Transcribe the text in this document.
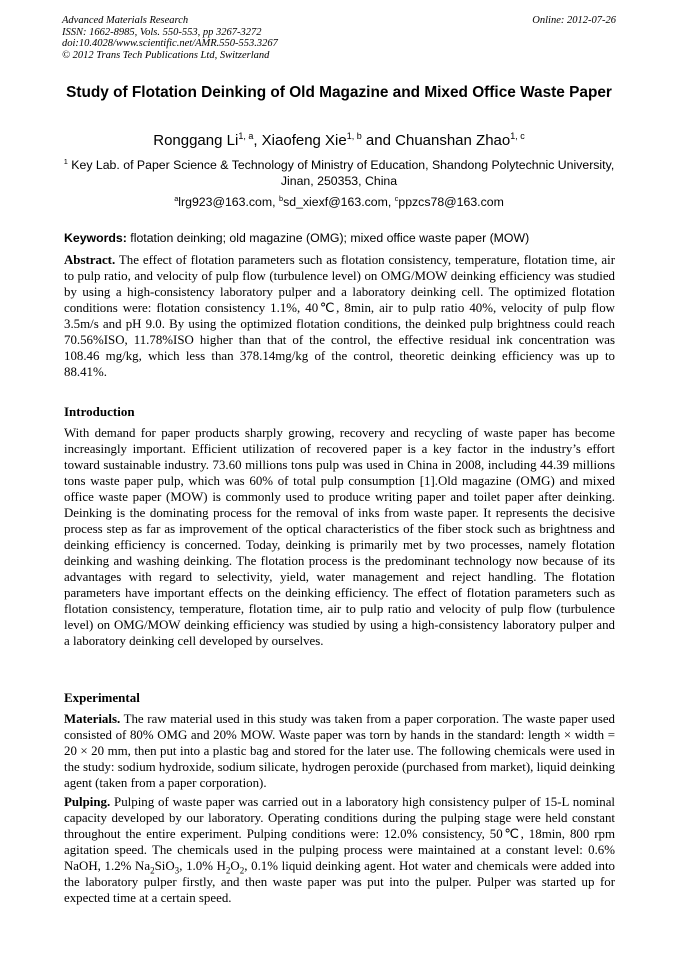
Advanced Materials Research
ISSN: 1662-8985, Vols. 550-553, pp 3267-3272
doi:10.4028/www.scientific.net/AMR.550-553.3267
© 2012 Trans Tech Publications Ltd, Switzerland
Online: 2012-07-26
Study of Flotation Deinking of Old Magazine and Mixed Office Waste Paper
Ronggang Li$^{1, a}$, Xiaofeng Xie$^{1, b}$ and Chuanshan Zhao$^{1, c}$
$^1$ Key Lab. of Paper Science & Technology of Ministry of Education, Shandong Polytechnic University, Jinan, 250353, China
$^a$lrg923@163.com, $^b$sd_xiexf@163.com, $^c$ppzcs78@163.com
Keywords: flotation deinking; old magazine (OMG); mixed office waste paper (MOW)
Abstract. The effect of flotation parameters such as flotation consistency, temperature, flotation time, air to pulp ratio, and velocity of pulp flow (turbulence level) on OMG/MOW deinking efficiency was studied by using a high-consistency laboratory pulper and a laboratory deinking cell. The optimized flotation conditions were: flotation consistency 1.1%, 40℃, 8min, air to pulp ratio 40%, velocity of pulp flow 3.5m/s and pH 9.0. By using the optimized flotation conditions, the deinked pulp brightness could reach 70.56%ISO, 11.78%ISO higher than that of the control, the effective residual ink concentration was 108.46 mg/kg, which less than 378.14mg/kg of the control, theoretic deinking efficiency was up to 88.41%.
Introduction
With demand for paper products sharply growing, recovery and recycling of waste paper has become increasingly important. Efficient utilization of recovered paper is a key factor in the industry’s effort toward sustainable industry. 73.60 millions tons pulp was used in China in 2008, including 44.39 millions tons waste paper pulp, which was 60% of total pulp consumption [1].Old magazine (OMG) and mixed office waste paper (MOW) is commonly used to produce writing paper and toilet paper after deinking. Deinking is the dominating process for the removal of inks from waste paper. It represents the decisive process step as far as improvement of the optical characteristics of the fiber stock such as brightness and deinking efficiency is concerned. Today, deinking is primarily met by two processes, namely flotation deinking and washing deinking. The flotation process is the predominant technology now because of its advantages with regard to selectivity, yield, water management and reject handling. The flotation parameters have important effects on the deinking efficiency. The effect of flotation parameters such as flotation consistency, temperature, flotation time, air to pulp ratio and velocity of pulp flow (turbulence level) on OMG/MOW deinking efficiency was studied by using a high-consistency laboratory pulper and a laboratory deinking cell developed by ourselves.
Experimental
Materials. The raw material used in this study was taken from a paper corporation. The waste paper used consisted of 80% OMG and 20% MOW. Waste paper was torn by hands in the standard: length × width = 20 × 20 mm, then put into a plastic bag and stored for the later use. The following chemicals were used in the study: sodium hydroxide, sodium silicate, hydrogen peroxide (purchased from market), liquid deinking agent (taken from a paper corporation).
Pulping. Pulping of waste paper was carried out in a laboratory high consistency pulper of 15-L nominal capacity developed by our laboratory. Operating conditions during the pulping stage were held constant throughout the entire experiment. Pulping conditions were: 12.0% consistency, 50℃, 18min, 800 rpm agitation speed. The chemicals used in the pulping process were maintained at a constant level: 0.6% NaOH, 1.2% $Na_2SiO_3$, 1.0% $H_2O_2$, 0.1% liquid deinking agent. Hot water and chemicals were added into the laboratory pulper firstly, and then waste paper was put into the pulper. Pulper was started up for expected time at a certain speed.
